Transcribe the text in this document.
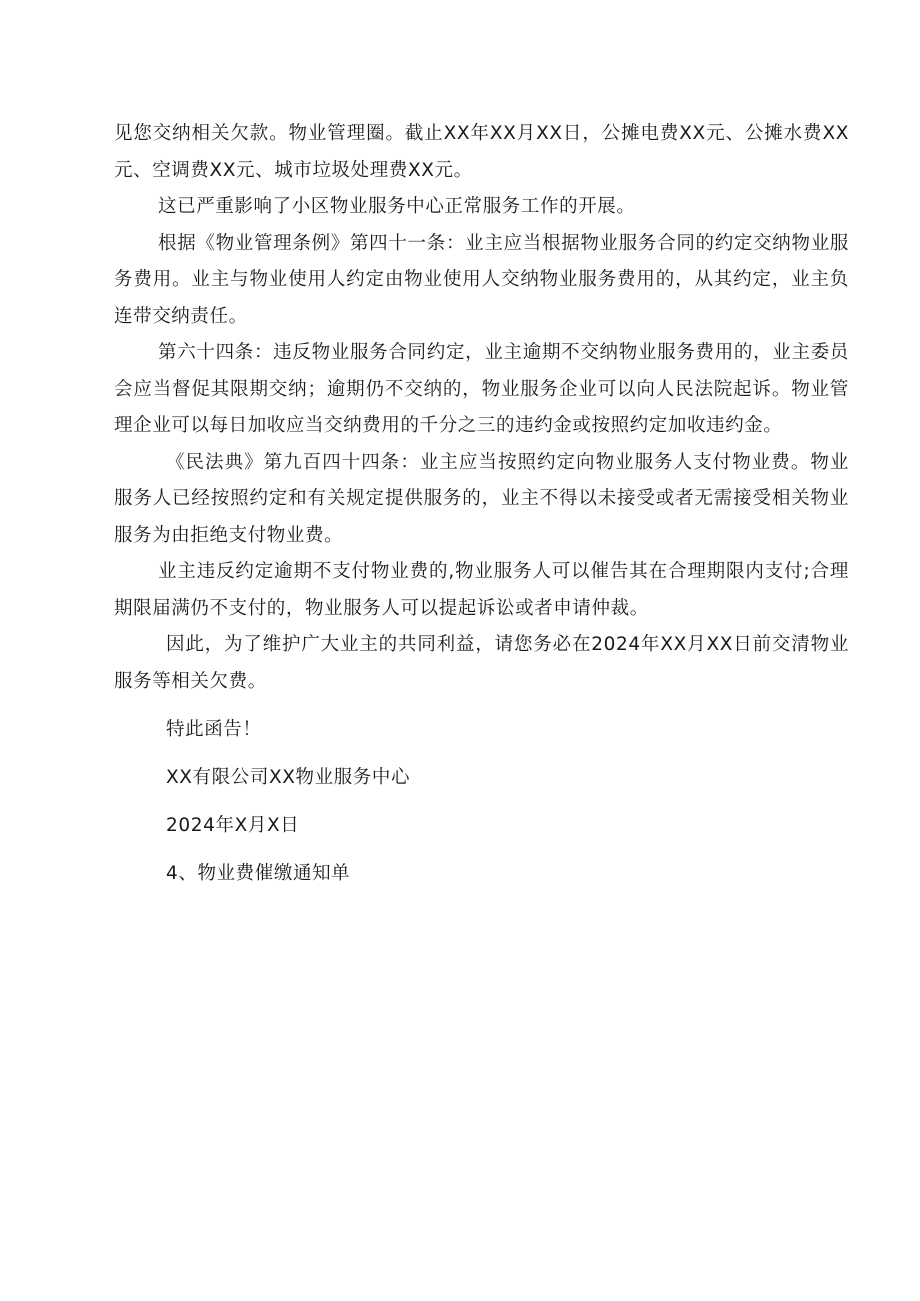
见您交纳相关欠款。物业管理圈。截止XX年XX月XX日，公摊电费XX元、公摊水费XX元、空调费XX元、城市垃圾处理费XX元。

这已严重影响了小区物业服务中心正常服务工作的开展。

根据《物业管理条例》第四十一条：业主应当根据物业服务合同的约定交纳物业服务费用。业主与物业使用人约定由物业使用人交纳物业服务费用的，从其约定，业主负连带交纳责任。

第六十四条：违反物业服务合同约定，业主逾期不交纳物业服务费用的，业主委员会应当督促其限期交纳；逾期仍不交纳的，物业服务企业可以向人民法院起诉。物业管理企业可以每日加收应当交纳费用的千分之三的违约金或按照约定加收违约金。

《民法典》第九百四十四条：业主应当按照约定向物业服务人支付物业费。物业服务人已经按照约定和有关规定提供服务的，业主不得以未接受或者无需接受相关物业服务为由拒绝支付物业费。

业主违反约定逾期不支付物业费的,物业服务人可以催告其在合理期限内支付;合理期限届满仍不支付的，物业服务人可以提起诉讼或者申请仲裁。

因此，为了维护广大业主的共同利益，请您务必在2024年XX月XX日前交清物业服务等相关欠费。

特此函告！

XX有限公司XX物业服务中心

2024年X月X日

4、物业费催缴通知单
